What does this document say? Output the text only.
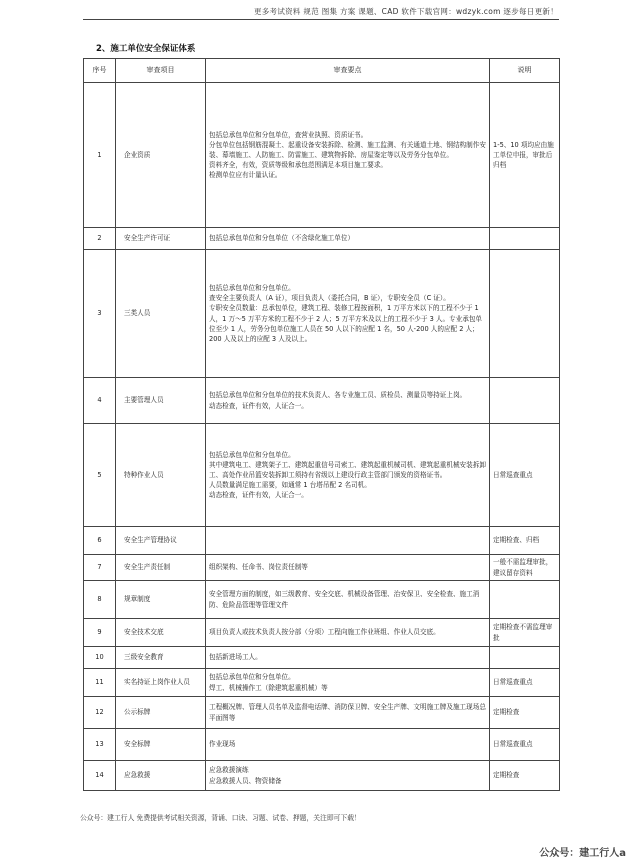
更多考试资料 规范 图集 方案 课题、CAD 软件下载官网：wdzyk.com 逐步每日更新！
2、施工单位安全保证体系
序号	审查项目	审查要点	说明
1	企业资质	包括总承包单位和分包单位，查营业执照、资质证书。
分包单位包括钢筋混凝土、起重设备安装拆除、检测、施工监测、有关通道土地、钢结构制作安装、幕墙施工、人防施工、防雷施工、建筑物拆除、房屋鉴定等以及劳务分包单位。
资料齐全，有效，资质等级和承包范围满足本项目施工要求。
检测单位应有计量认证。	1-5、10 项均应由施工单位申报，审批后归档
2	安全生产许可证	包括总承包单位和分包单位（不含绿化施工单位）	
3	三类人员	包括总承包单位和分包单位。
查安全主要负责人（A 证），项目负责人（委托合同，B 证），专职安全员（C 证）。
专职安全员数量：总承包单位，建筑工程、装修工程按面积，1 万平方米以下的工程不少于 1 人，1 万～5 万平方米的工程不少于 2 人；5 万平方米及以上的工程不少于 3 人。专业承包单位至少 1 人，劳务分包单位施工人员在 50 人以下的应配 1 名，50 人-200 人的应配 2 人；200 人及以上的应配 3 人及以上。	
4	主要管理人员	包括总承包单位和分包单位的技术负责人、各专业施工员、质检员、测量员等持证上岗。
动态检查，证件有效，人证合一。	
5	特种作业人员	包括总承包单位和分包单位。
其中建筑电工、建筑架子工、建筑起重信号司索工、建筑起重机械司机、建筑起重机械安装拆卸工、高处作业吊篮安装拆卸工须持有省级以上建设行政主管部门颁发的资格证书。
人员数量满足施工需要，如通常 1 台塔吊配 2 名司机。
动态检查，证件有效，人证合一。	日常巡查重点
6	安全生产管理协议		定期检查、归档
7	安全生产责任制	组织架构、任命书、岗位责任制等	一般不需监理审批，建议留存资料
8	规章制度	安全管理方面的制度，如三级教育、安全交底、机械设备管理、治安保卫、安全检查、施工消防、危险品管理等管理文件	
9	安全技术交底	项目负责人或技术负责人按分部（分项）工程向施工作业班组、作业人员交底。	定期检查不需监理审批
10	三级安全教育	包括新进场工人。	
11	实名持证上岗作业人员	包括总承包单位和分包单位。
焊工、机械操作工（除建筑起重机械）等	日常巡查重点
12	公示标牌	工程概况牌、管理人员名单及监督电话牌、消防保卫牌、安全生产牌、文明施工牌及施工现场总平面图等	定期检查
13	安全标牌	作业现场	日常巡查重点
14	应急救援	应急救援演练
应急救援人员、物资储备	定期检查
公众号：建工行人 免费提供考试相关资源，背诵、口诀、习题、试卷、押题，关注即可下载！
公众号：建工行人a
